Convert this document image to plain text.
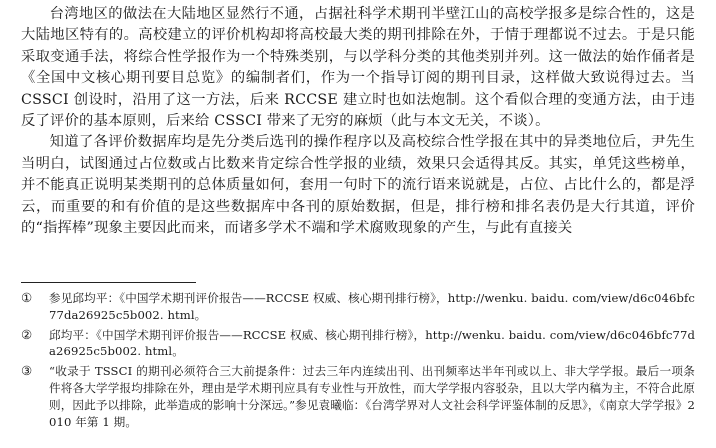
台湾地区的做法在大陆地区显然行不通，占据社科学术期刊半壁江山的高校学报多是综合性的，这是大陆地区特有的。高校建立的评价机构却将高校最大类的期刊排除在外，于情于理都说不过去。于是只能采取变通手法，将综合性学报作为一个特殊类别，与以学科分类的其他类别并列。这一做法的始作俑者是《全国中文核心期刊要目总览》的编制者们，作为一个指导订阅的期刊目录，这样做大致说得过去。当 CSSCI 创设时，沿用了这一方法，后来 RCCSE 建立时也如法炮制。这个看似合理的变通方法，由于违反了评价的基本原则，后来给 CSSCI 带来了无穷的麻烦（此与本文无关，不谈）。

知道了各评价数据库均是先分类后选刊的操作程序以及高校综合性学报在其中的异类地位后，尹先生当明白，试图通过占位数或占比数来肯定综合性学报的业绩，效果只会适得其反。其实，单凭这些榜单，并不能真正说明某类期刊的总体质量如何，套用一句时下的流行语来说就是，占位、占比什么的，都是浮云，而重要的和有价值的是这些数据库中各刊的原始数据，但是，排行榜和排名表仍是大行其道，评价的“指挥棒”现象主要因此而来，而诸多学术不端和学术腐败现象的产生，与此有直接关

①	参见邱均平：《中国学术期刊评价报告——RCCSE 权威、核心期刊排行榜》，http://wenku. baidu. com/view/d6c046bfc77da26925c5b002. html。
②	邱均平：《中国学术期刊评价报告——RCCSE 权威、核心期刊排行榜》，http://wenku. baidu. com/view/d6c046bfc77da26925c5b002. html。
③	“收录于 TSSCI 的期刊必须符合三大前提条件：过去三年内连续出刊、出刊频率达半年刊或以上、非大学学报。最后一项条件将各大学学报均排除在外，理由是学术期刊应具有专业性与开放性，而大学学报内容驳杂，且以大学内稿为主，不符合此原则，因此予以排除，此举造成的影响十分深远。”参见袁曦临：《台湾学界对人文社会科学评鉴体制的反思》，《南京大学学报》2010 年第 1 期。
